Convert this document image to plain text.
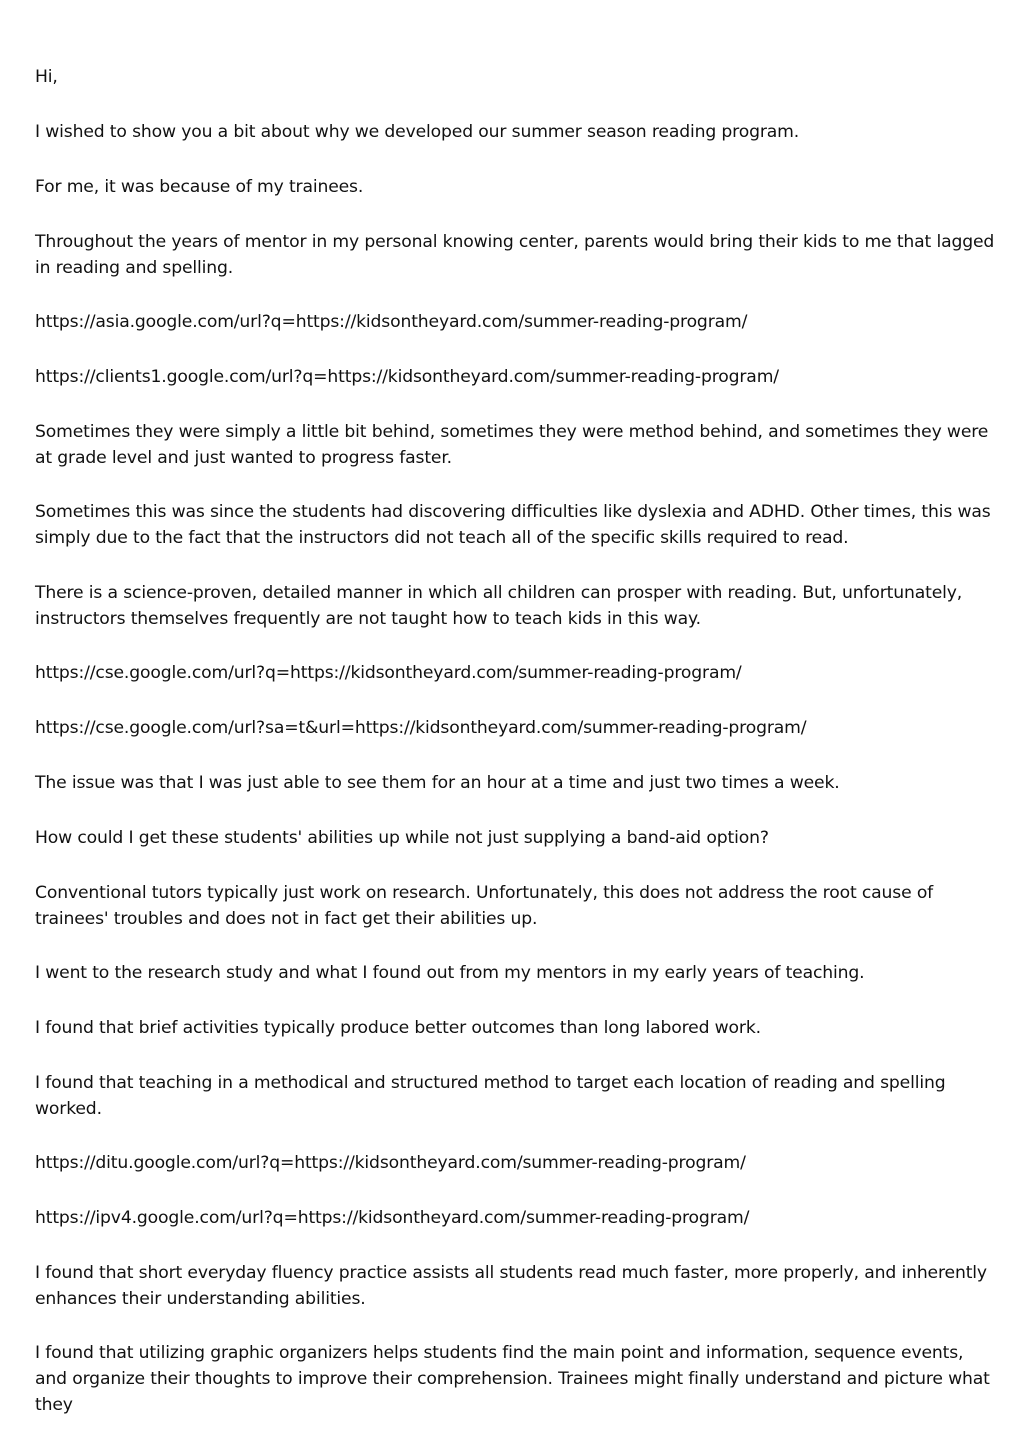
Hi,

I wished to show you a bit about why we developed our summer season reading program.

For me, it was because of my trainees.

Throughout the years of mentor in my personal knowing center, parents would bring their kids to me that lagged in reading and spelling.

https://asia.google.com/url?q=https://kidsontheyard.com/summer-reading-program/

https://clients1.google.com/url?q=https://kidsontheyard.com/summer-reading-program/

Sometimes they were simply a little bit behind, sometimes they were method behind, and sometimes they were at grade level and just wanted to progress faster.

Sometimes this was since the students had discovering difficulties like dyslexia and ADHD. Other times, this was simply due to the fact that the instructors did not teach all of the specific skills required to read.

There is a science-proven, detailed manner in which all children can prosper with reading. But, unfortunately, instructors themselves frequently are not taught how to teach kids in this way.

https://cse.google.com/url?q=https://kidsontheyard.com/summer-reading-program/

https://cse.google.com/url?sa=t&url=https://kidsontheyard.com/summer-reading-program/

The issue was that I was just able to see them for an hour at a time and just two times a week.

How could I get these students' abilities up while not just supplying a band-aid option?

Conventional tutors typically just work on research. Unfortunately, this does not address the root cause of trainees' troubles and does not in fact get their abilities up.

I went to the research study and what I found out from my mentors in my early years of teaching.

I found that brief activities typically produce better outcomes than long labored work.

I found that teaching in a methodical and structured method to target each location of reading and spelling worked.

https://ditu.google.com/url?q=https://kidsontheyard.com/summer-reading-program/

https://ipv4.google.com/url?q=https://kidsontheyard.com/summer-reading-program/

I found that short everyday fluency practice assists all students read much faster, more properly, and inherently enhances their understanding abilities.

I found that utilizing graphic organizers helps students find the main point and information, sequence events, and organize their thoughts to improve their comprehension. Trainees might finally understand and picture what they
